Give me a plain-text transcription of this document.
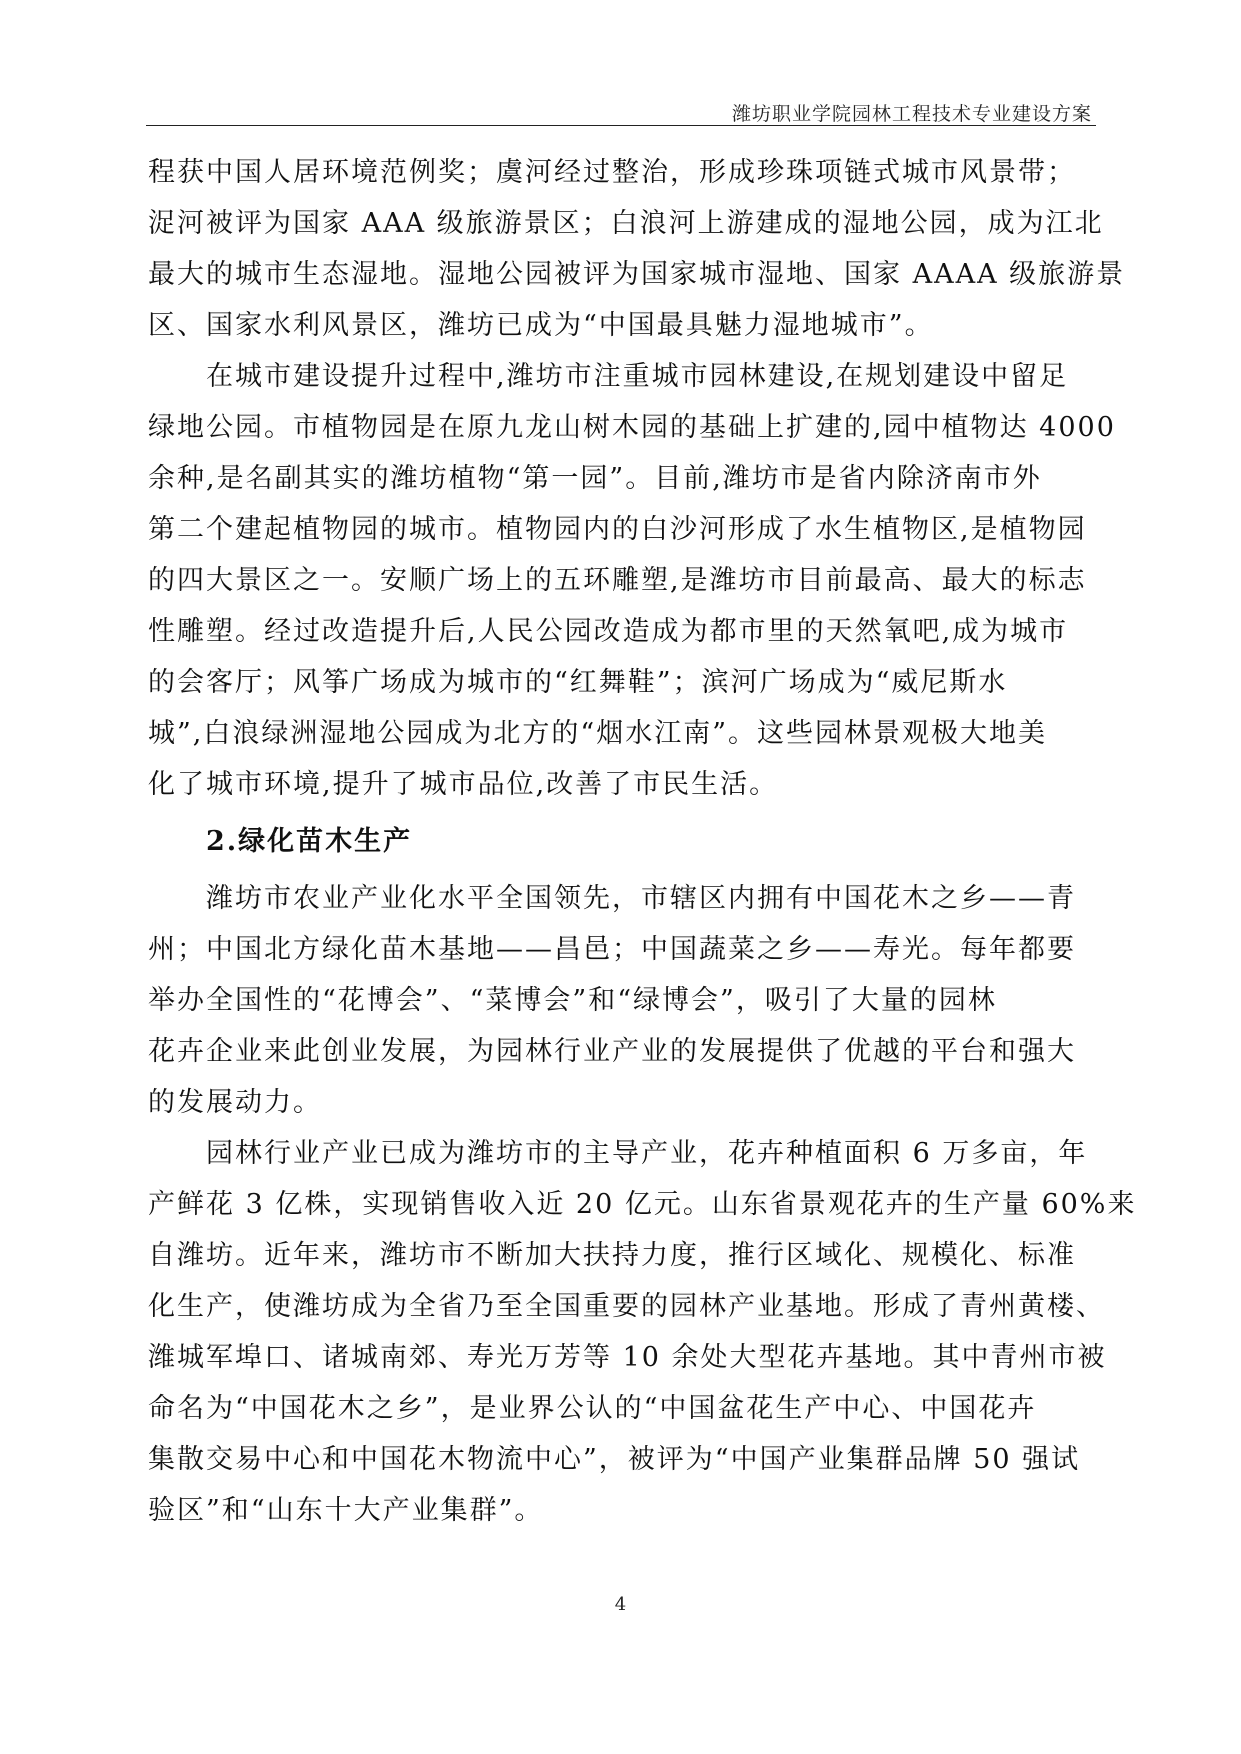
潍坊职业学院园林工程技术专业建设方案
程获中国人居环境范例奖；虞河经过整治，形成珍珠项链式城市风景带；
浞河被评为国家 AAA 级旅游景区；白浪河上游建成的湿地公园，成为江北
最大的城市生态湿地。湿地公园被评为国家城市湿地、国家 AAAA 级旅游景
区、国家水利风景区，潍坊已成为“中国最具魅力湿地城市”。
在城市建设提升过程中,潍坊市注重城市园林建设,在规划建设中留足
绿地公园。市植物园是在原九龙山树木园的基础上扩建的,园中植物达 4000
余种,是名副其实的潍坊植物“第一园”。目前,潍坊市是省内除济南市外
第二个建起植物园的城市。植物园内的白沙河形成了水生植物区,是植物园
的四大景区之一。安顺广场上的五环雕塑,是潍坊市目前最高、最大的标志
性雕塑。经过改造提升后,人民公园改造成为都市里的天然氧吧,成为城市
的会客厅；风筝广场成为城市的“红舞鞋”；滨河广场成为“威尼斯水
城”,白浪绿洲湿地公园成为北方的“烟水江南”。这些园林景观极大地美
化了城市环境,提升了城市品位,改善了市民生活。
2.绿化苗木生产
潍坊市农业产业化水平全国领先，市辖区内拥有中国花木之乡——青
州；中国北方绿化苗木基地——昌邑；中国蔬菜之乡——寿光。每年都要
举办全国性的“花博会”、“菜博会”和“绿博会”，吸引了大量的园林
花卉企业来此创业发展，为园林行业产业的发展提供了优越的平台和强大
的发展动力。
园林行业产业已成为潍坊市的主导产业，花卉种植面积 6 万多亩，年
产鲜花 3 亿株，实现销售收入近 20 亿元。山东省景观花卉的生产量 60%来
自潍坊。近年来，潍坊市不断加大扶持力度，推行区域化、规模化、标准
化生产，使潍坊成为全省乃至全国重要的园林产业基地。形成了青州黄楼、
潍城军埠口、诸城南郊、寿光万芳等 10 余处大型花卉基地。其中青州市被
命名为“中国花木之乡”，是业界公认的“中国盆花生产中心、中国花卉
集散交易中心和中国花木物流中心”，被评为“中国产业集群品牌 50 强试
验区”和“山东十大产业集群”。
4
